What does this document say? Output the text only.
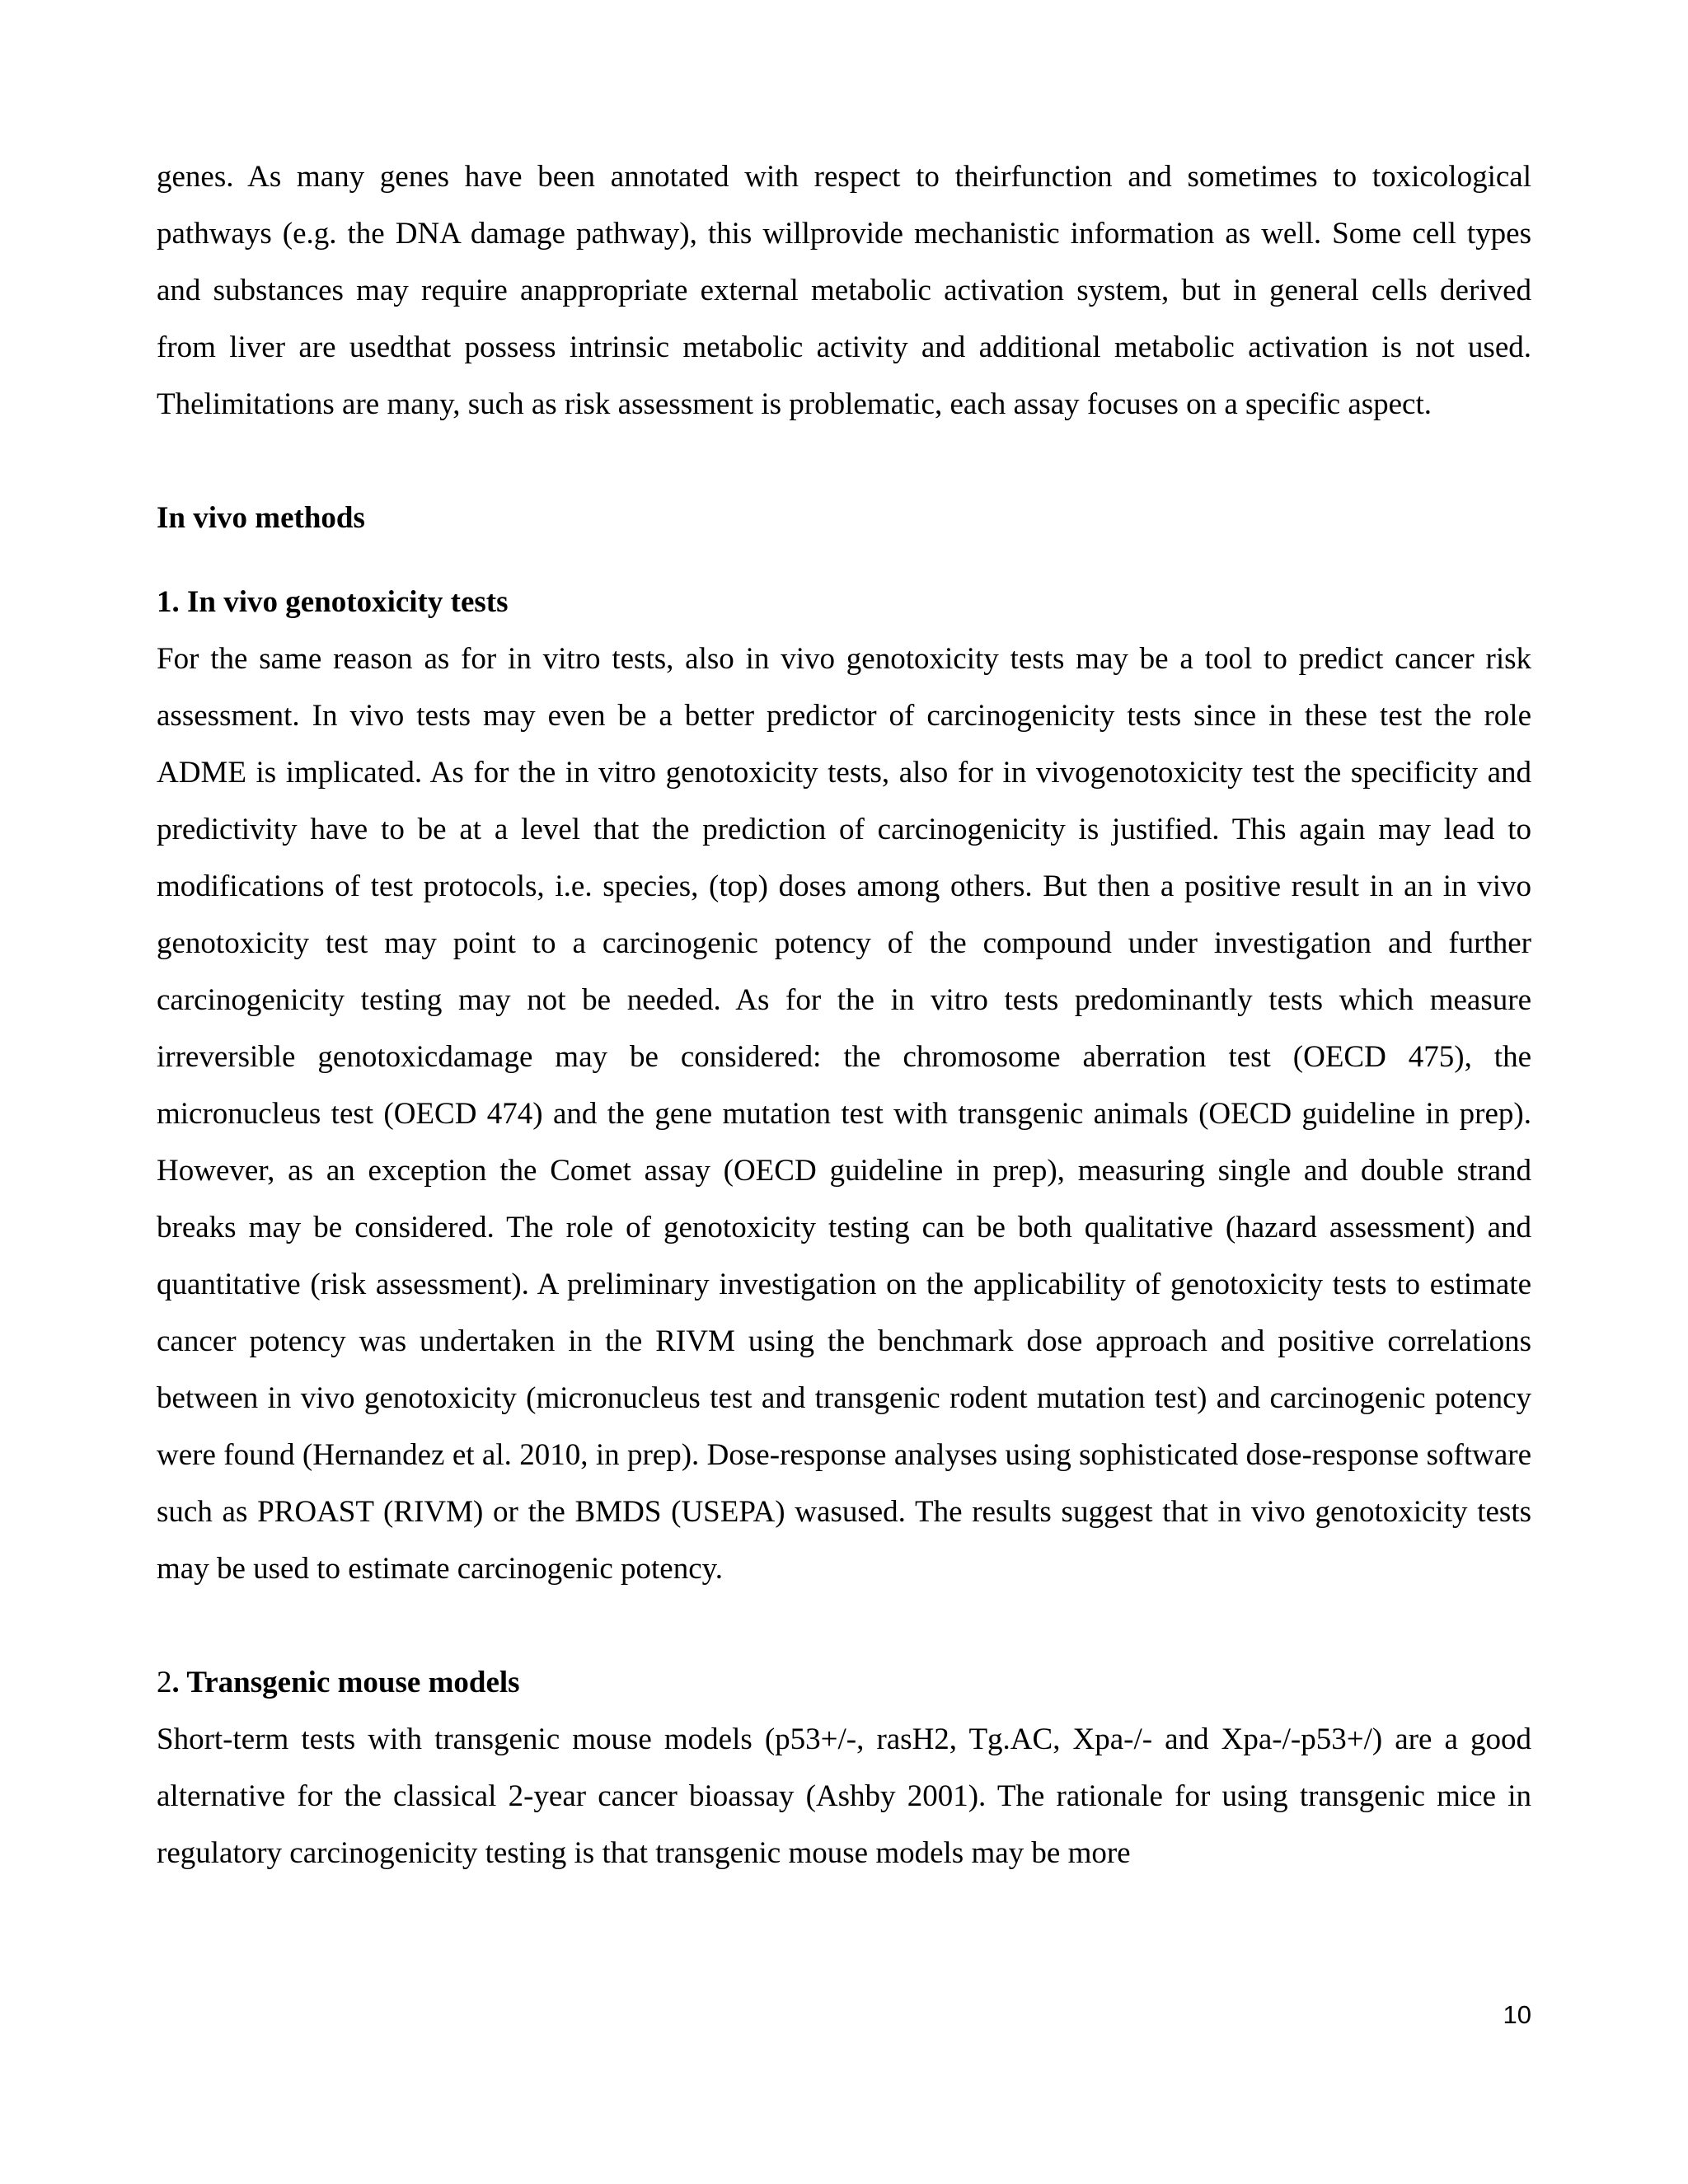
genes. As many genes have been annotated with respect to theirfunction and sometimes to toxicological pathways (e.g. the DNA damage pathway), this willprovide mechanistic information as well. Some cell types and substances may require anappropriate external metabolic activation system, but in general cells derived from liver are usedthat possess intrinsic metabolic activity and additional metabolic activation is not used. Thelimitations are many, such as risk assessment is problematic, each assay focuses on a specific aspect.

In vivo methods
1. In vivo genotoxicity tests

For the same reason as for in vitro tests, also in vivo genotoxicity tests may be a tool to predict cancer risk assessment. In vivo tests may even be a better predictor of carcinogenicity tests since in these test the role ADME is implicated. As for the in vitro genotoxicity tests, also for in vivogenotoxicity test the specificity and predictivity have to be at a level that the prediction of carcinogenicity is justified. This again may lead to modifications of test protocols, i.e. species, (top) doses among others. But then a positive result in an in vivo genotoxicity test may point to a carcinogenic potency of the compound under investigation and further carcinogenicity testing may not be needed. As for the in vitro tests predominantly tests which measure irreversible genotoxicdamage may be considered: the chromosome aberration test (OECD 475), the micronucleus test (OECD 474) and the gene mutation test with transgenic animals (OECD guideline in prep). However, as an exception the Comet assay (OECD guideline in prep), measuring single and double strand breaks may be considered. The role of genotoxicity testing can be both qualitative (hazard assessment) and quantitative (risk assessment). A preliminary investigation on the applicability of genotoxicity tests to estimate cancer potency was undertaken in the RIVM using the benchmark dose approach and positive correlations between in vivo genotoxicity (micronucleus test and transgenic rodent mutation test) and carcinogenic potency were found (Hernandez et al. 2010, in prep). Dose-response analyses using sophisticated dose-response software such as PROAST (RIVM) or the BMDS (USEPA) wasused. The results suggest that in vivo genotoxicity tests may be used to estimate carcinogenic potency.

2. Transgenic mouse models

Short-term tests with transgenic mouse models (p53+/-, rasH2, Tg.AC, Xpa-/- and Xpa-/-p53+/) are a good alternative for the classical 2-year cancer bioassay (Ashby 2001). The rationale for using transgenic mice in regulatory carcinogenicity testing is that transgenic mouse models may be more

10
